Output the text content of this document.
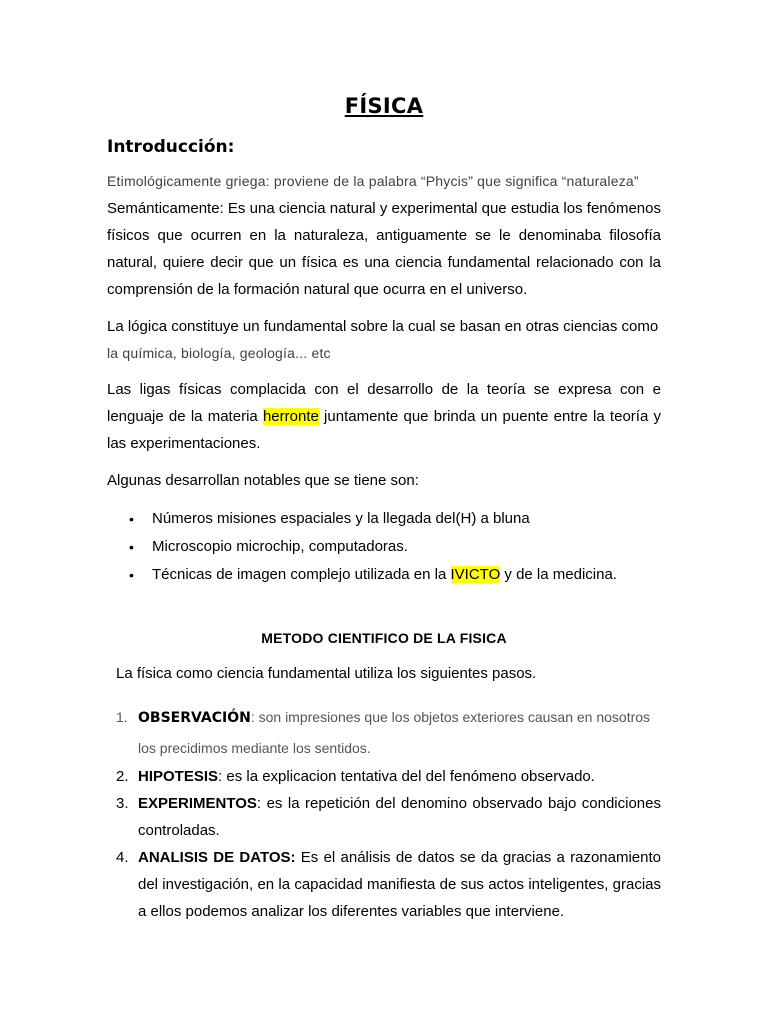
FÍSICA
Introducción:
Etimológicamente griega: proviene de la palabra “Phycis” que significa “naturaleza”
Semánticamente: Es una ciencia natural y experimental que estudia los fenómenos físicos que ocurren en la naturaleza, antiguamente se le denominaba filosofía natural, quiere decir que un física es una ciencia fundamental relacionado con la comprensión de la formación natural que ocurra en el universo.
La lógica constituye un fundamental sobre la cual se basan en otras ciencias como
la química, biología, geología... etc
Las ligas físicas complacida con el desarrollo de la teoría se expresa con e lenguaje de la materia herronte juntamente que brinda un puente entre la teoría y las experimentaciones.
Algunas desarrollan notables que se tiene son:
• Números misiones espaciales y la llegada del(H) a bluna
• Microscopio microchip, computadoras.
• Técnicas de imagen complejo utilizada en la IVICTO y de la medicina.
METODO CIENTIFICO DE LA FISICA
La física como ciencia fundamental utiliza los siguientes pasos.
1. OBSERVACIÓN: son impresiones que los objetos exteriores causan en nosotros los precidimos mediante los sentidos.
2. HIPOTESIS: es la explicacion tentativa del del fenómeno observado.
3. EXPERIMENTOS: es la repetición del denomino observado bajo condiciones controladas.
4. ANALISIS DE DATOS: Es el análisis de datos se da gracias a razonamiento del investigación, en la capacidad manifiesta de sus actos inteligentes, gracias a ellos podemos analizar los diferentes variables que interviene.
